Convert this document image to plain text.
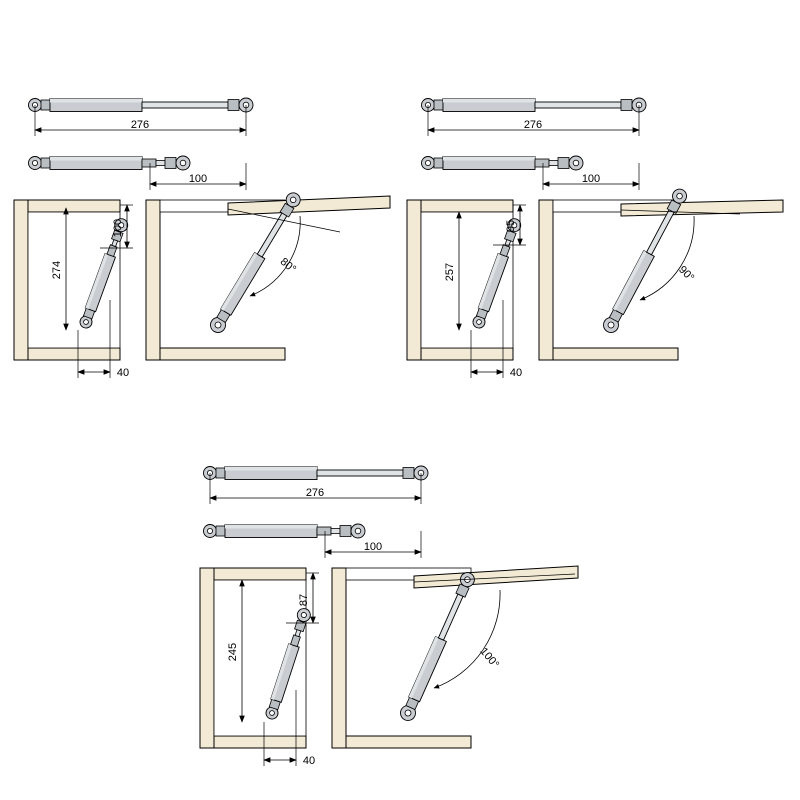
276
100
274
100
40
80°
276
100
257
95
40
90°
276
100
245
87
40
100°
